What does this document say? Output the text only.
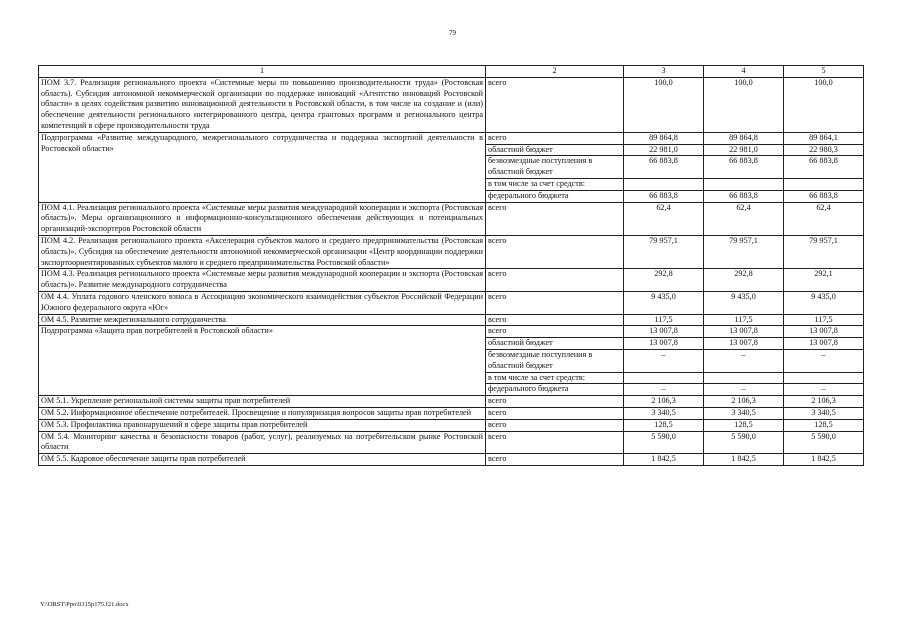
79
1	2	3	4	5
ПОМ 3.7. Реализация регионального проекта «Системные меры по повышению производительности труда» (Ростовская область). Субсидия автономной некоммерческой организации по поддержке инноваций «Агентство инноваций Ростовской области» в целях содействия развитию инновационной деятельности в Ростовской области, в том числе на создание и (или) обеспечение деятельности регионального интегрированного центра, центра грантовых программ и регионального центра компетенций в сфере производительности труда	всего	100,0	100,0	100,0
Подпрограмма «Развитие международного, межрегионального сотрудничества и поддержка экспортной деятельности в Ростовской области»	всего	89 864,8	89 864,8	89 864,1
	областной бюджет	22 981,0	22 981,0	22 980,3
	безвозмездные поступления в областной бюджет	66 883,8	66 883,8	66 883,8
	в том числе за счет средств:			
	федерального бюджета	66 883,8	66 883,8	66 883,8
ПОМ 4.1. Реализация регионального проекта «Системные меры развития международной кооперации и экспорта (Ростовская область)». Меры организационного и информационно-консультационного обеспечения действующих и потенциальных организаций-экспортеров Ростовской области	всего	62,4	62,4	62,4
ПОМ 4.2. Реализация регионального проекта «Акселерация субъектов малого и среднего предпринимательства (Ростовская область)». Субсидия на обеспечение деятельности автономной некоммерческой организации «Центр координации поддержки экспортоориентированных субъектов малого и среднего предпринимательства Ростовской области»	всего	79 957,1	79 957,1	79 957,1
ПОМ 4.3. Реализация регионального проекта «Системные меры развития международной кооперации и экспорта (Ростовская область)». Развитие международного сотрудничества	всего	292,8	292,8	292,1
ОМ 4.4. Уплата годового членского взноса в Ассоциацию экономического взаимодействия субъектов Российской Федерации Южного федерального округа «Юг»	всего	9 435,0	9 435,0	9 435,0
ОМ 4.5. Развитие межрегионального сотрудничества	всего	117,5	117,5	117,5
Подпрограмма «Защита прав потребителей в Ростовской области»	всего	13 007,8	13 007,8	13 007,8
	областной бюджет	13 007,8	13 007,8	13 007,8
	безвозмездные поступления в областной бюджет	–	–	–
	в том числе за счет средств:			
	федерального бюджета	–	–	–
ОМ 5.1. Укрепление региональной системы защиты прав потребителей	всего	2 106,3	2 106,3	2 106,3
ОМ 5.2. Информационное обеспечение потребителей. Просвещение и популяризация вопросов защиты прав потребителей	всего	3 340,5	3 340,5	3 340,5
ОМ 5.3. Профилактика правонарушений в сфере защиты прав потребителей	всего	128,5	128,5	128,5
ОМ 5.4. Мониторинг качества и безопасности товаров (работ, услуг), реализуемых на потребительском рынке Ростовской области	всего	5 590,0	5 590,0	5 590,0
ОМ 5.5. Кадровое обеспечение защиты прав потребителей	всего	1 842,5	1 842,5	1 842,5
Y:\ORST\Ppo\0315p175.f21.docx
